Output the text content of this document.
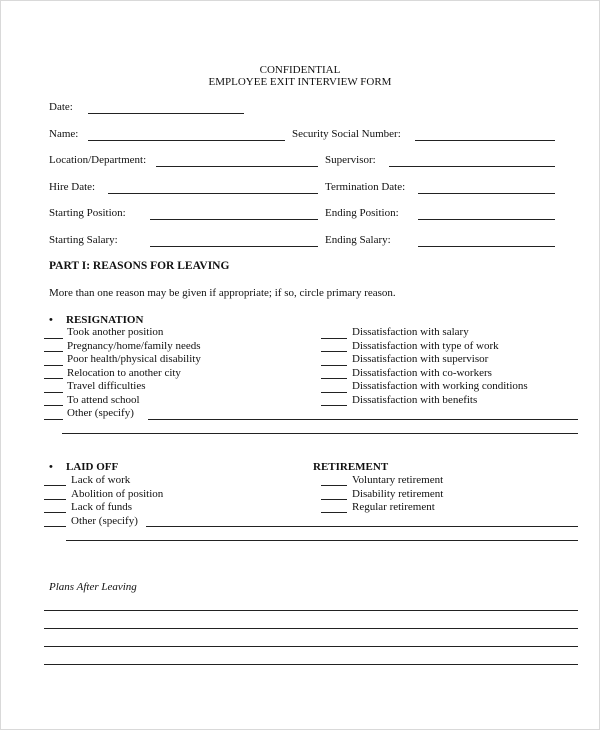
CONFIDENTIAL
EMPLOYEE EXIT INTERVIEW FORM
Date:
Name:	Security Social Number:
Location/Department:	Supervisor:
Hire Date:	Termination Date:
Starting Position:	Ending Position:
Starting Salary:	Ending Salary:
PART I: REASONS FOR LEAVING
More than one reason may be given if appropriate; if so, circle primary reason.
• RESIGNATION
Took another position
Pregnancy/home/family needs
Poor health/physical disability
Relocation to another city
Travel difficulties
To attend school
Other (specify)
Dissatisfaction with salary
Dissatisfaction with type of work
Dissatisfaction with supervisor
Dissatisfaction with co-workers
Dissatisfaction with working conditions
Dissatisfaction with benefits
• LAID OFF
Lack of work
Abolition of position
Lack of funds
Other (specify)
RETIREMENT
Voluntary retirement
Disability retirement
Regular retirement
Plans After Leaving
